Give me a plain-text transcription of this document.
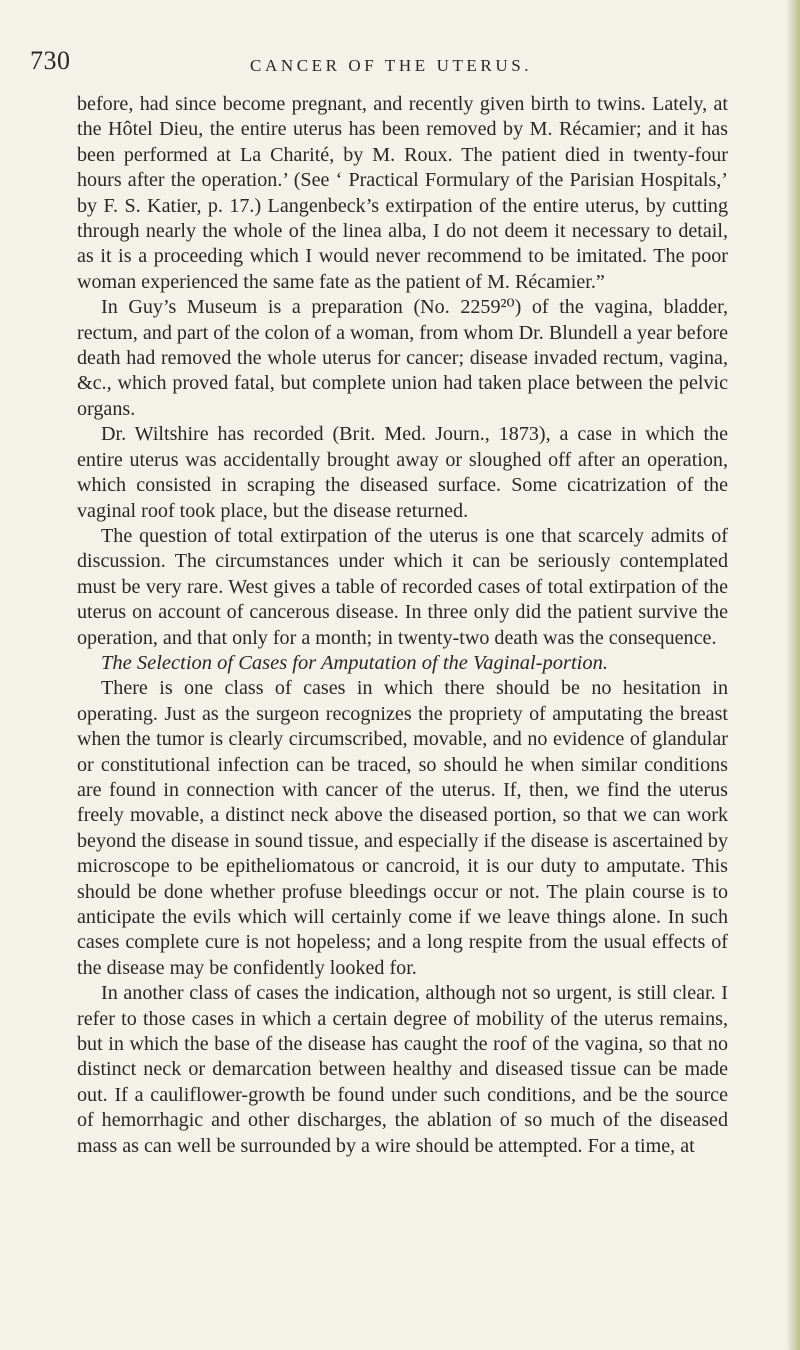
730	CANCER OF THE UTERUS.

before, had since become pregnant, and recently given birth to twins. Lately, at the Hôtel Dieu, the entire uterus has been removed by M. Récamier; and it has been performed at La Charité, by M. Roux. The patient died in twenty-four hours after the operation.’ (See ‘ Practical Formulary of the Parisian Hospitals,’ by F. S. Katier, p. 17.) Langenbeck’s extirpation of the entire uterus, by cutting through nearly the whole of the linea alba, I do not deem it necessary to detail, as it is a proceeding which I would never recommend to be imitated. The poor woman experienced the same fate as the patient of M. Récamier.”

In Guy’s Museum is a preparation (No. 2259²⁰) of the vagina, bladder, rectum, and part of the colon of a woman, from whom Dr. Blundell a year before death had removed the whole uterus for cancer; disease invaded rectum, vagina, &c., which proved fatal, but complete union had taken place between the pelvic organs.

Dr. Wiltshire has recorded (Brit. Med. Journ., 1873), a case in which the entire uterus was accidentally brought away or sloughed off after an operation, which consisted in scraping the diseased surface. Some cicatrization of the vaginal roof took place, but the disease returned.

The question of total extirpation of the uterus is one that scarcely admits of discussion. The circumstances under which it can be seriously contemplated must be very rare. West gives a table of recorded cases of total extirpation of the uterus on account of cancerous disease. In three only did the patient survive the operation, and that only for a month; in twenty-two death was the consequence.

The Selection of Cases for Amputation of the Vaginal-portion.

There is one class of cases in which there should be no hesitation in operating. Just as the surgeon recognizes the propriety of amputating the breast when the tumor is clearly circumscribed, movable, and no evidence of glandular or constitutional infection can be traced, so should he when similar conditions are found in connection with cancer of the uterus. If, then, we find the uterus freely movable, a distinct neck above the diseased portion, so that we can work beyond the disease in sound tissue, and especially if the disease is ascertained by microscope to be epitheliomatous or cancroid, it is our duty to amputate. This should be done whether profuse bleedings occur or not. The plain course is to anticipate the evils which will certainly come if we leave things alone. In such cases complete cure is not hopeless; and a long respite from the usual effects of the disease may be confidently looked for.

In another class of cases the indication, although not so urgent, is still clear. I refer to those cases in which a certain degree of mobility of the uterus remains, but in which the base of the disease has caught the roof of the vagina, so that no distinct neck or demarcation between healthy and diseased tissue can be made out. If a cauliflower-growth be found under such conditions, and be the source of hemorrhagic and other discharges, the ablation of so much of the diseased mass as can well be surrounded by a wire should be attempted. For a time, at
